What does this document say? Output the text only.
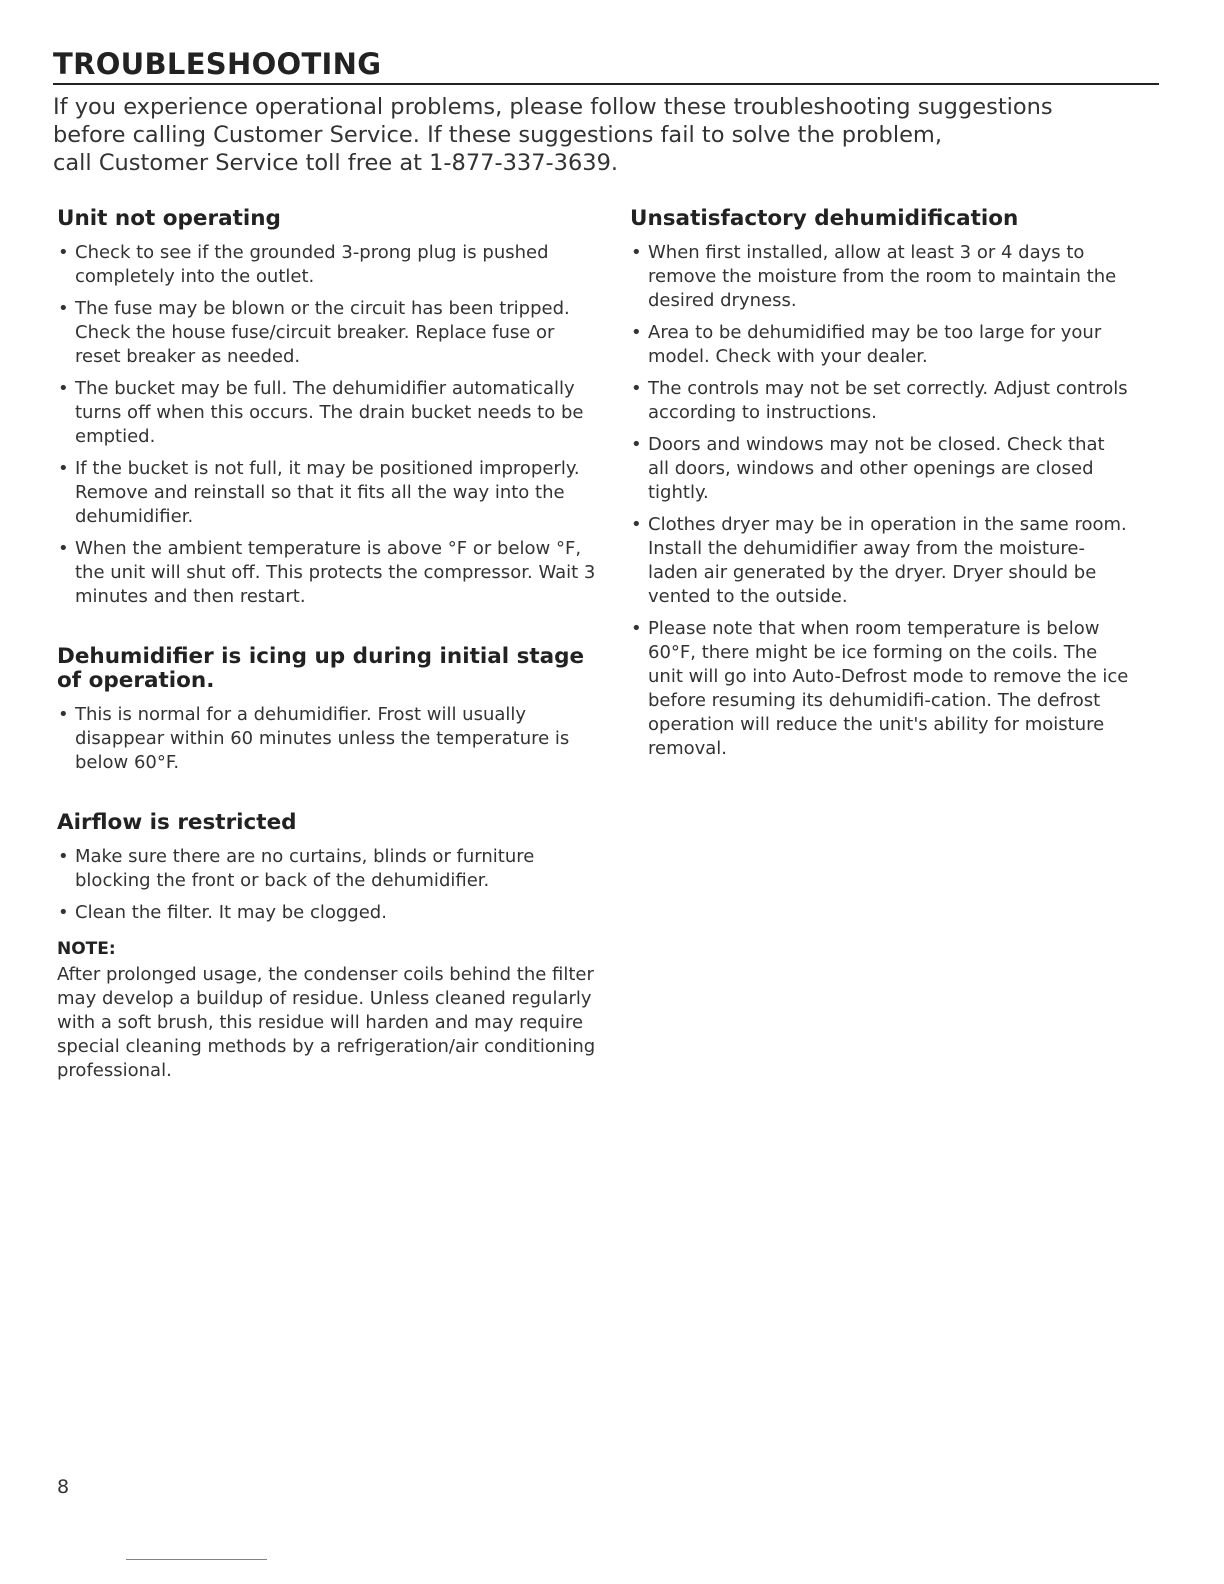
TROUBLESHOOTING

If you experience operational problems, please follow these troubleshooting suggestions
before calling Customer Service. If these suggestions fail to solve the problem,
call Customer Service toll free at 1-877-337-3639.

Unit not operating
• Check to see if the grounded 3-prong plug is pushed completely into the outlet.
• The fuse may be blown or the circuit has been tripped. Check the house fuse/circuit breaker. Replace fuse or reset breaker as needed.
• The bucket may be full. The dehumidifier automatically turns off when this occurs. The drain bucket needs to be emptied.
• If the bucket is not full, it may be positioned improperly. Remove and reinstall so that it fits all the way into the dehumidifier.
• When the ambient temperature is above °F or below °F, the unit will shut off. This protects the compressor. Wait 3 minutes and then restart.
Dehumidifier is icing up during initial stage of operation.
• This is normal for a dehumidifier. Frost will usually disappear within 60 minutes unless the temperature is below 60°F.
Airflow is restricted
• Make sure there are no curtains, blinds or furniture blocking the front or back of the dehumidifier.
• Clean the filter. It may be clogged.
NOTE:

After prolonged usage, the condenser coils behind the filter may develop a buildup of residue. Unless cleaned regularly with a soft brush, this residue will harden and may require special cleaning methods by a refrigeration/air conditioning professional.

Unsatisfactory dehumidification
• When first installed, allow at least 3 or 4 days to remove the moisture from the room to maintain the desired dryness.
• Area to be dehumidified may be too large for your model. Check with your dealer.
• The controls may not be set correctly. Adjust controls according to instructions.
• Doors and windows may not be closed. Check that all doors, windows and other openings are closed tightly.
• Clothes dryer may be in operation in the same room. Install the dehumidifier away from the moisture-laden air generated by the dryer. Dryer should be vented to the outside.
• Please note that when room temperature is below 60°F, there might be ice forming on the coils. The unit will go into Auto-Defrost mode to remove the ice before resuming its dehumidifi-cation. The defrost operation will reduce the unit's ability for moisture removal.
8
